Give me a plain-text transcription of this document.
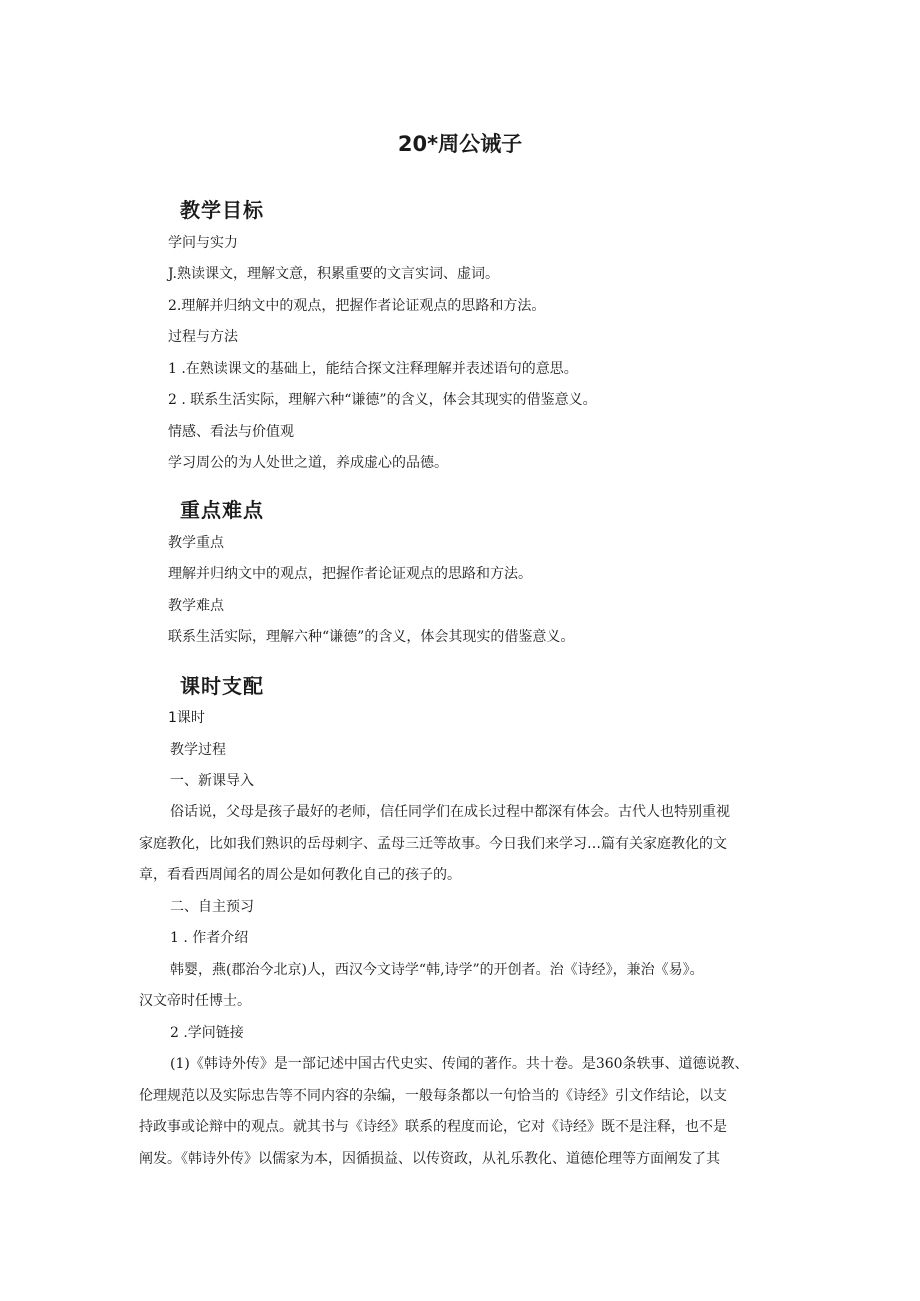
20*周公诫子
教学目标
学问与实力
J.熟读课文，理解文意，积累重要的文言实词、虚词。
2.理解并归纳文中的观点，把握作者论证观点的思路和方法。
过程与方法
1 .在熟读课文的基础上，能结合探文注释理解并表述语句的意思。
2 . 联系生活实际，理解六种“谦德”的含义，体会其现实的借鉴意义。
情感、看法与价值观
学习周公的为人处世之道，养成虚心的品德。
重点难点
教学重点
理解并归纳文中的观点，把握作者论证观点的思路和方法。
教学难点
联系生活实际，理解六种“谦德”的含义，体会其现实的借鉴意义。
课时支配
1课时
教学过程
一、新课导入
俗话说，父母是孩子最好的老师，信任同学们在成长过程中都深有体会。古代人也特别重视
家庭教化，比如我们熟识的岳母刺字、孟母三迁等故事。今日我们来学习…篇有关家庭教化的文
章，看看西周闻名的周公是如何教化自己的孩子的。
二、自主预习
1 . 作者介绍
韩婴，燕(郡治今北京)人，西汉今文诗学“韩,诗学”的开创者。治《诗经》，兼治《易》。
汉文帝时任博士。
2 .学问链接
(1)《韩诗外传》是一部记述中国古代史实、传闻的著作。共十卷。是360条轶事、道德说教、
伦理规范以及实际忠告等不同内容的杂编，一般每条都以一句恰当的《诗经》引文作结论，以支
持政事或论辩中的观点。就其书与《诗经》联系的程度而论，它对《诗经》既不是注释，也不是
阐发。《韩诗外传》以儒家为本，因循损益、以传资政，从礼乐教化、道德伦理等方面阐发了其
